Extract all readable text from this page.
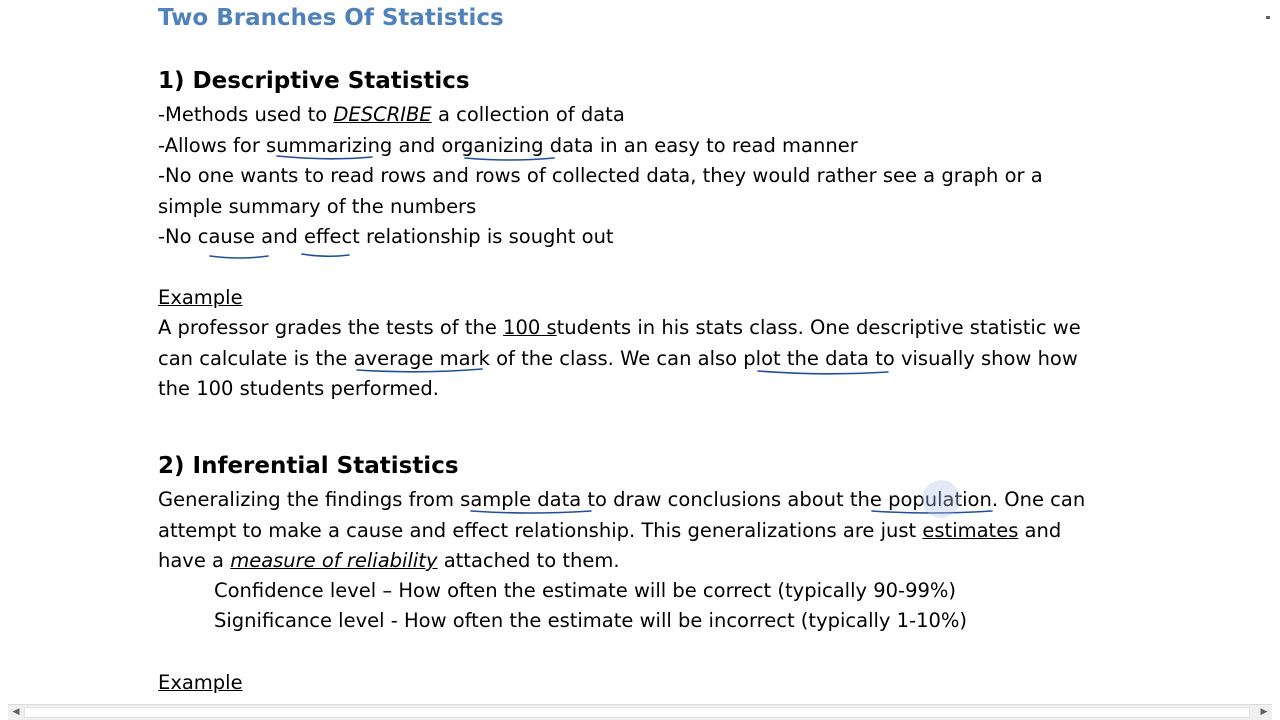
Two Branches Of Statistics
1) Descriptive Statistics
-Methods used to DESCRIBE a collection of data
-Allows for summarizing and organizing data in an easy to read manner
-No one wants to read rows and rows of collected data, they would rather see a graph or a
simple summary of the numbers
-No cause and effect relationship is sought out
Example
A professor grades the tests of the 100 students in his stats class. One descriptive statistic we
can calculate is the average mark of the class. We can also plot the data to visually show how
the 100 students performed.
2) Inferential Statistics
Generalizing the findings from sample data to draw conclusions about the population. One can
attempt to make a cause and effect relationship. This generalizations are just estimates and
have a measure of reliability attached to them.
Confidence level – How often the estimate will be correct (typically 90-99%)
Significance level - How often the estimate will be incorrect (typically 1-10%)
Example
◀	▶
